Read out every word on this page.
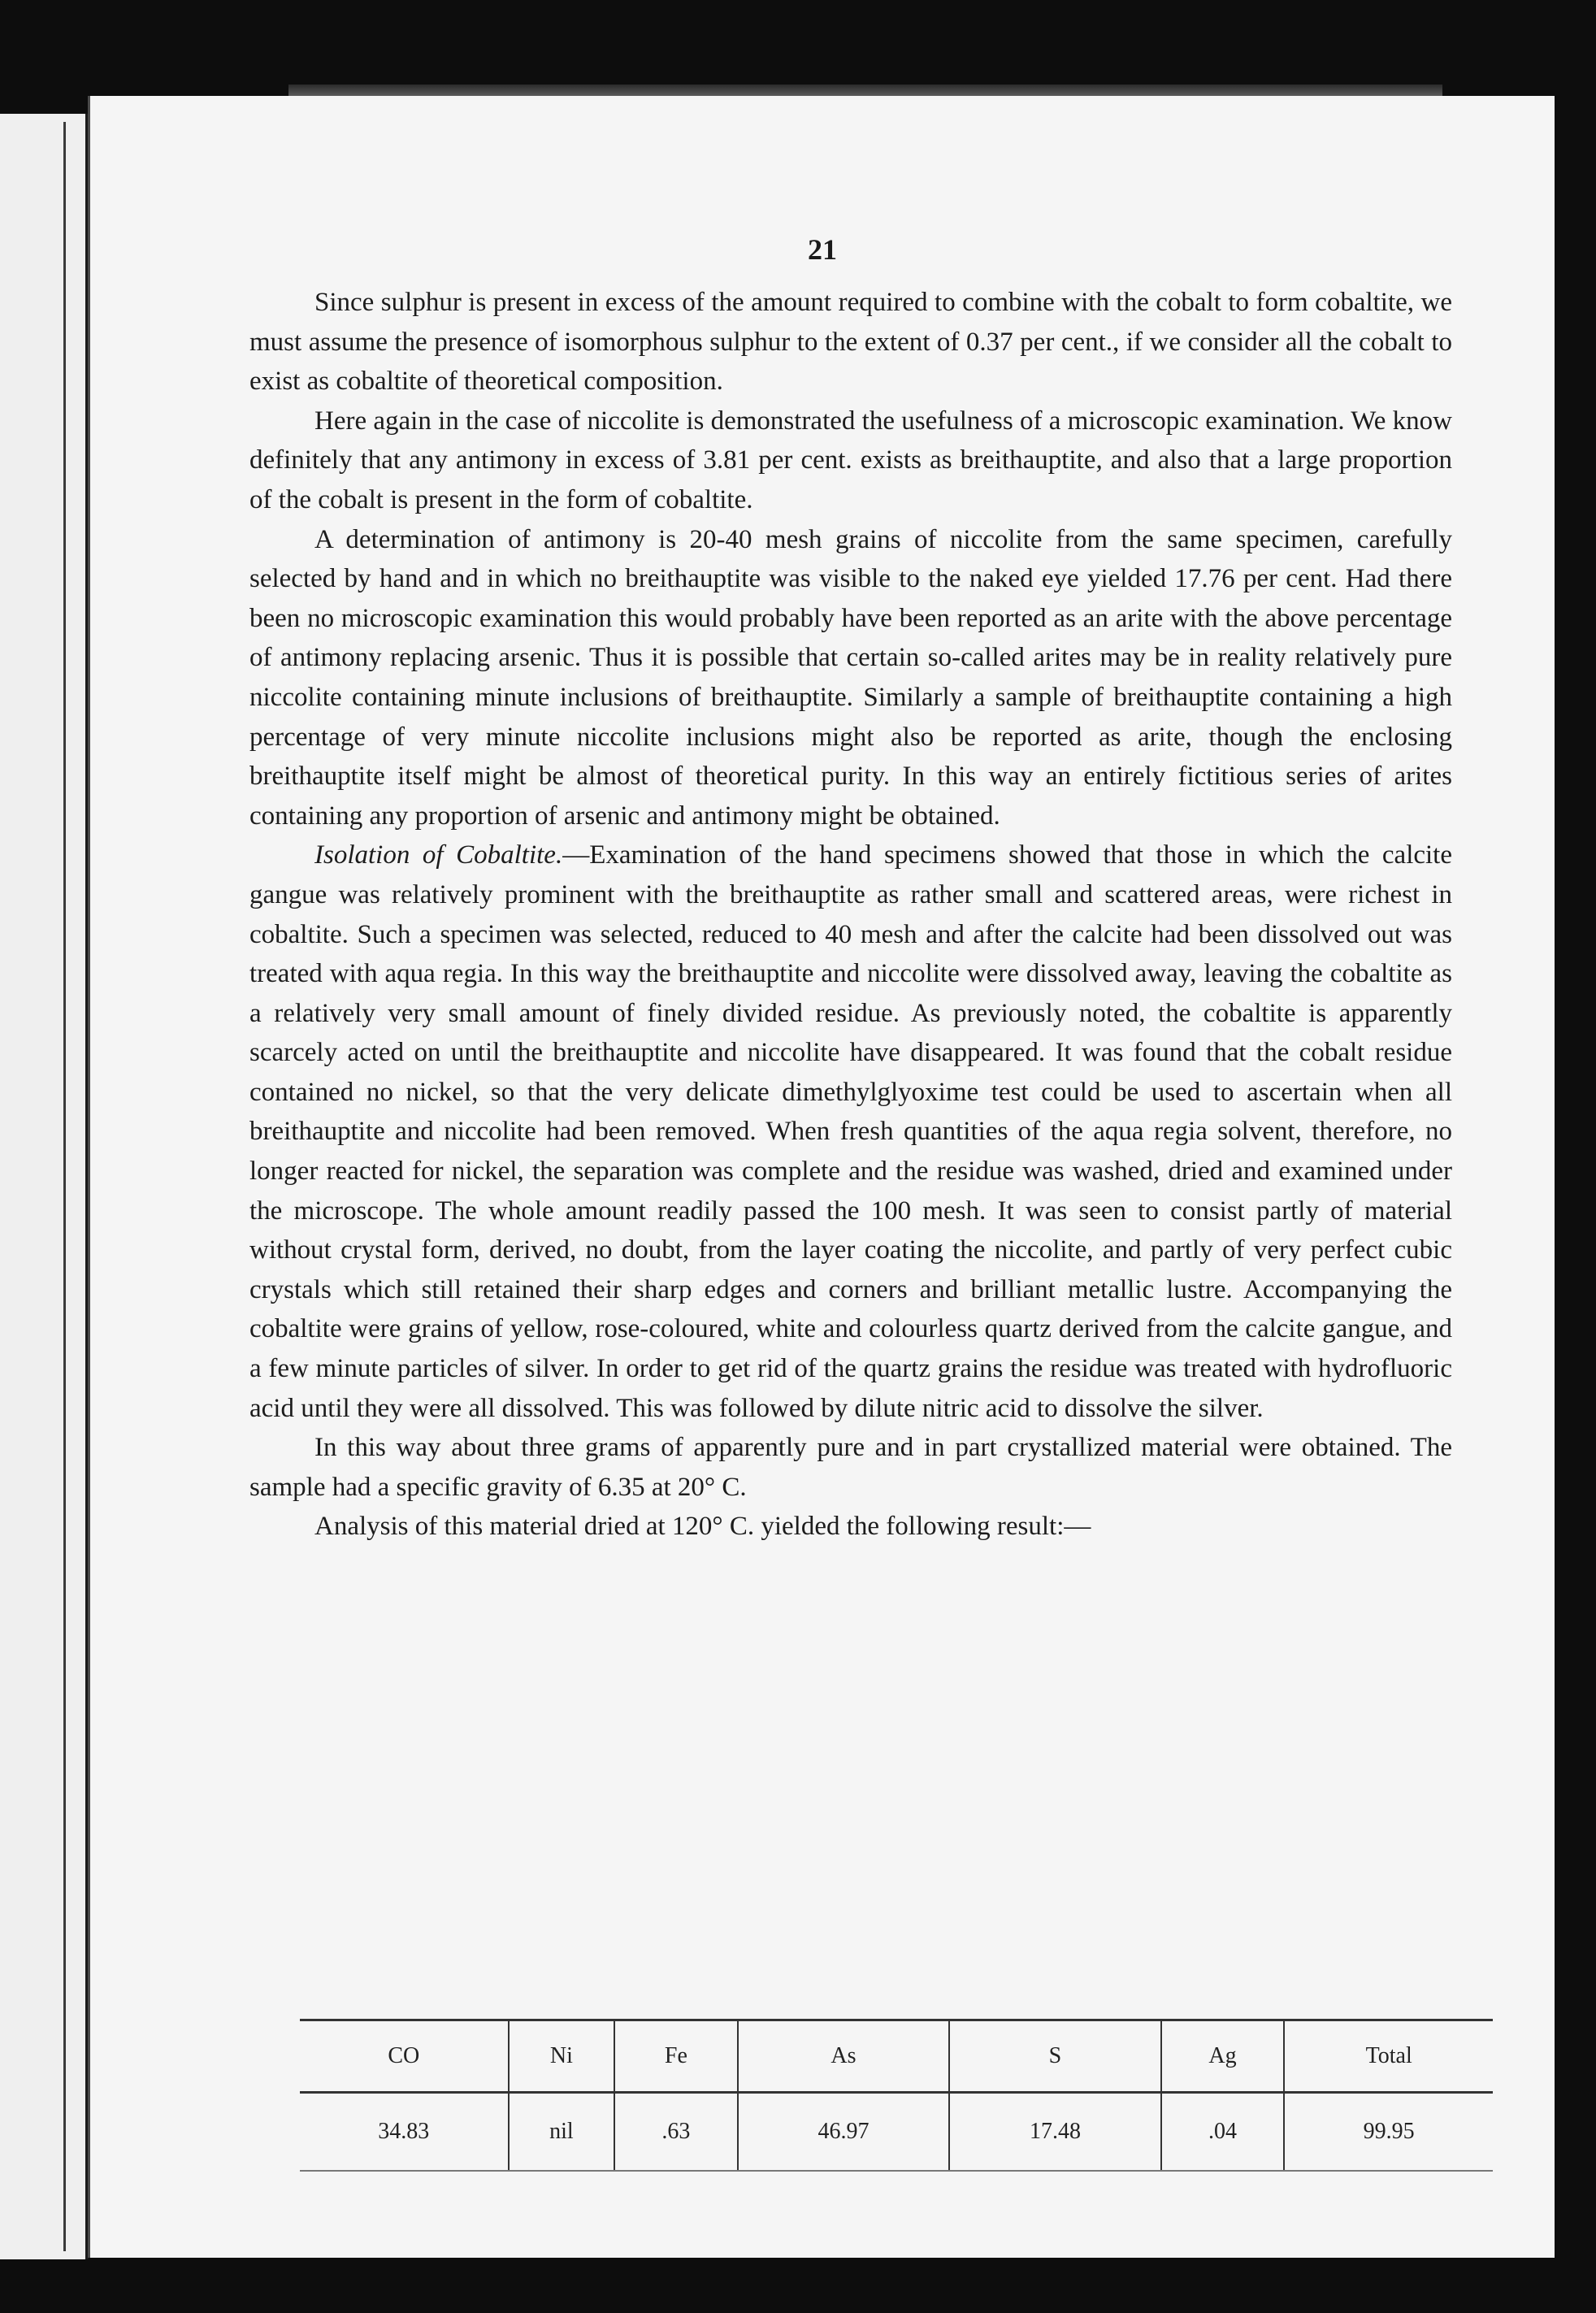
21

Since sulphur is present in excess of the amount required to combine with the cobalt to form cobaltite, we must assume the presence of isomorphous sulphur to the extent of 0.37 per cent., if we consider all the cobalt to exist as cobaltite of theoretical composition.

Here again in the case of niccolite is demonstrated the usefulness of a microscopic examination. We know definitely that any antimony in excess of 3.81 per cent. exists as breithauptite, and also that a large proportion of the cobalt is present in the form of cobaltite.

A determination of antimony is 20-40 mesh grains of niccolite from the same specimen, carefully selected by hand and in which no breithauptite was visible to the naked eye yielded 17.76 per cent. Had there been no microscopic examination this would probably have been reported as an arite with the above percentage of antimony replacing arsenic. Thus it is possible that certain so-called arites may be in reality relatively pure niccolite containing minute inclusions of breithauptite. Similarly a sample of breithauptite containing a high percentage of very minute niccolite inclusions might also be reported as arite, though the enclosing breithauptite itself might be almost of theoretical purity. In this way an entirely fictitious series of arites containing any proportion of arsenic and antimony might be obtained.

Isolation of Cobaltite.—Examination of the hand specimens showed that those in which the calcite gangue was relatively prominent with the breithauptite as rather small and scattered areas, were richest in cobaltite. Such a specimen was selected, reduced to 40 mesh and after the calcite had been dissolved out was treated with aqua regia. In this way the breithauptite and niccolite were dissolved away, leaving the cobaltite as a relatively very small amount of finely divided residue. As previously noted, the cobaltite is apparently scarcely acted on until the breithauptite and niccolite have disappeared. It was found that the cobalt residue contained no nickel, so that the very delicate dimethylglyoxime test could be used to ascertain when all breithauptite and niccolite had been removed. When fresh quantities of the aqua regia solvent, therefore, no longer reacted for nickel, the separation was complete and the residue was washed, dried and examined under the microscope. The whole amount readily passed the 100 mesh. It was seen to consist partly of material without crystal form, derived, no doubt, from the layer coating the niccolite, and partly of very perfect cubic crystals which still retained their sharp edges and corners and brilliant metallic lustre. Accompanying the cobaltite were grains of yellow, rose-coloured, white and colourless quartz derived from the calcite gangue, and a few minute particles of silver. In order to get rid of the quartz grains the residue was treated with hydrofluoric acid until they were all dissolved. This was followed by dilute nitric acid to dissolve the silver.

In this way about three grams of apparently pure and in part crystallized material were obtained. The sample had a specific gravity of 6.35 at 20° C.

Analysis of this material dried at 120° C. yielded the following result:—

CO	Ni	Fe	As	S	Ag	Total
34.83	nil	.63	46.97	17.48	.04	99.95
